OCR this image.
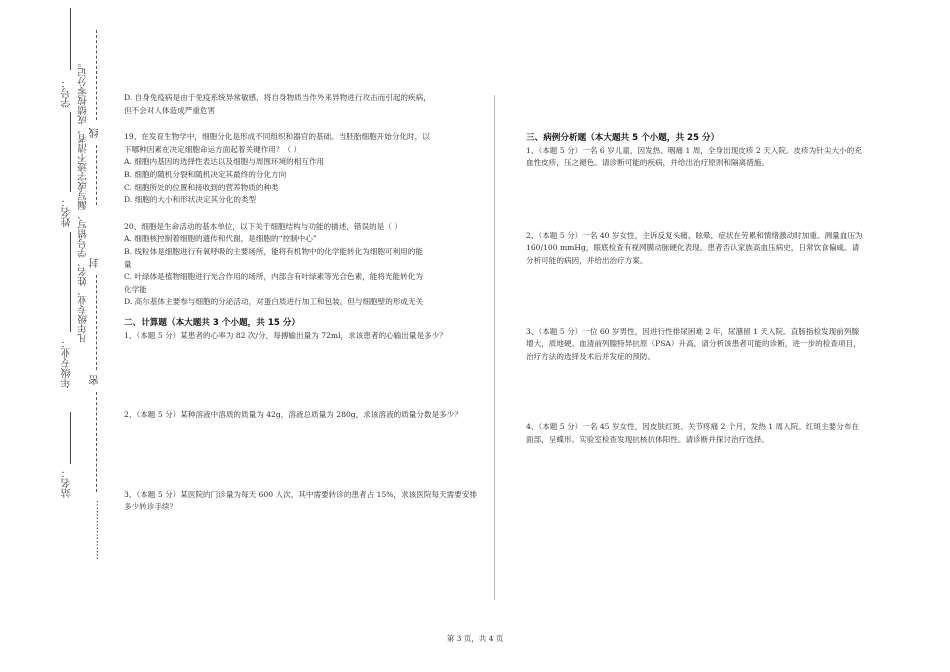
学号：
姓名：
年级专业：
站名：
线
凡年级专业、姓名、学号错写、漏写或字迹不清者，成绩按零分记。 封
密
………………

D. 自身免疫病是由于免疫系统异常敏感，将自身物质当作外来异物进行攻击而引起的疾病，

但不会对人体造成严重危害

19、在发育生物学中，细胞分化是形成不同组织和器官的基础。当胚胎细胞开始分化时，以

下哪种因素在决定细胞命运方面起着关键作用？（ ）

A. 细胞内基因的选择性表达以及细胞与周围环境的相互作用

B. 细胞的随机分裂和随机决定其最终的分化方向

C. 细胞所处的位置和接收到的营养物质的种类

D. 细胞的大小和形状决定其分化的类型

20、细胞是生命活动的基本单位，以下关于细胞结构与功能的描述，错误的是（ ）

A. 细胞核控制着细胞的遗传和代谢，是细胞的“控制中心”

B. 线粒体是细胞进行有氧呼吸的主要场所，能将有机物中的化学能转化为细胞可利用的能

量

C. 叶绿体是植物细胞进行光合作用的场所，内部含有叶绿素等光合色素，能将光能转化为

化学能

D. 高尔基体主要参与细胞的分泌活动，对蛋白质进行加工和包装，但与细胞壁的形成无关

二、计算题（本大题共 3 个小题，共 15 分）

1、（本题 5 分）某患者的心率为 82 次/分，每搏输出量为 72ml，求该患者的心输出量是多少？

2、（本题 5 分）某种溶液中溶质的质量为 42g，溶液总质量为 280g，求该溶液的质量分数是多少？

3、（本题 5 分）某医院的门诊量为每天 600 人次，其中需要转诊的患者占 15%，求该医院每天需要安排多少转诊手续？

三、病例分析题（本大题共 5 个小题，共 25 分）

1、（本题 5 分）一名 6 岁儿童，因发热、咽痛 1 周，全身出现皮疹 2 天入院。皮疹为针尖大小的充血性皮疹，压之褪色。请诊断可能的疾病，并给出治疗原则和隔离措施。

2、（本题 5 分）一名 40 岁女性，主诉反复头痛、眩晕，症状在劳累和情绪激动时加重。测量血压为 160/100 mmHg，眼底检查有视网膜动脉硬化表现。患者否认家族高血压病史，日常饮食偏咸。请分析可能的病因，并给出治疗方案。

3、（本题 5 分）一位 60 岁男性，因进行性排尿困难 2 年，尿潴留 1 天入院。直肠指检发现前列腺增大，质地硬。血清前列腺特异抗原（PSA）升高。请分析该患者可能的诊断，进一步的检查项目，治疗方法的选择及术后并发症的预防。

4、（本题 5 分）一名 45 岁女性，因皮肤红斑、关节疼痛 2 个月，发热 1 周入院。红斑主要分布在面部，呈蝶形。实验室检查发现抗核抗体阳性。请诊断并探讨治疗选择。

第 3 页，共 4 页
